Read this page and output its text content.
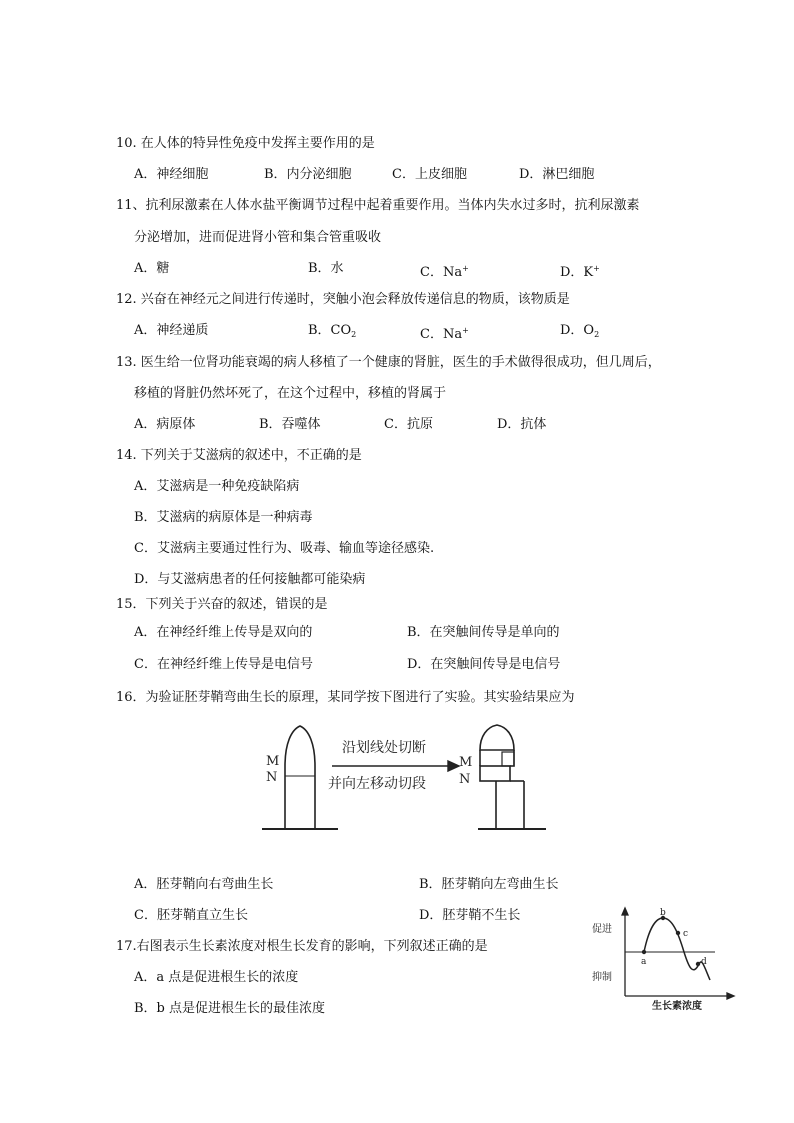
10. 在人体的特异性免疫中发挥主要作用的是
A．神经细胞	B．内分泌细胞	C．上皮细胞	D．淋巴细胞
11、抗利尿激素在人体水盐平衡调节过程中起着重要作用。当体内失水过多时，抗利尿激素
分泌增加，进而促进肾小管和集合管重吸收
A．糖	B．水	C．Na+	D．K+
12. 兴奋在神经元之间进行传递时，突触小泡会释放传递信息的物质，该物质是
A．神经递质	B．$CO_2$	C．Na+	D．$O_2$
13. 医生给一位肾功能衰竭的病人移植了一个健康的肾脏，医生的手术做得很成功，但几周后，
移植的肾脏仍然坏死了，在这个过程中，移植的肾属于
A．病原体	B．吞噬体	C．抗原	D．抗体
14. 下列关于艾滋病的叙述中，不正确的是
A．艾滋病是一种免疫缺陷病
B．艾滋病的病原体是一种病毒
C．艾滋病主要通过性行为、吸毒、输血等途径感染.
D．与艾滋病患者的任何接触都可能染病
15．下列关于兴奋的叙述，错误的是
A．在神经纤维上传导是双向的	B．在突触间传导是单向的
C．在神经纤维上传导是电信号	D．在突触间传导是电信号
16．为验证胚芽鞘弯曲生长的原理，某同学按下图进行了实验。其实验结果应为
M
N
沿划线处切断
并向左移动切段
M
N
A．胚芽鞘向右弯曲生长	B．胚芽鞘向左弯曲生长
C．胚芽鞘直立生长	D．胚芽鞘不生长
17.右图表示生长素浓度对根生长发育的影响，下列叙述正确的是
A．a 点是促进根生长的浓度
B．b 点是促进根生长的最佳浓度
促进
抑制
生长素浓度
a
b
c
d
